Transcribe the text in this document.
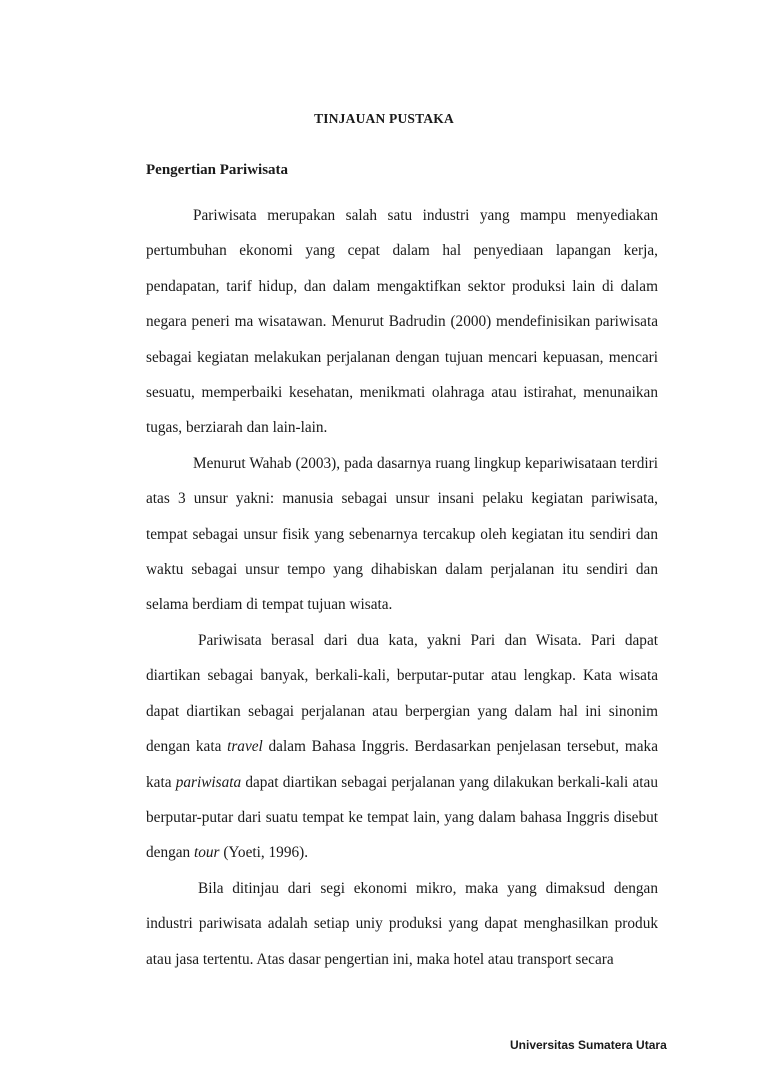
TINJAUAN PUSTAKA
Pengertian Pariwisata

Pariwisata merupakan salah satu industri yang mampu menyediakan pertumbuhan ekonomi yang cepat dalam hal penyediaan lapangan kerja, pendapatan, tarif hidup, dan dalam mengaktifkan sektor produksi lain di dalam negara peneri ma wisatawan. Menurut Badrudin (2000) mendefinisikan pariwisata sebagai kegiatan melakukan perjalanan dengan tujuan mencari kepuasan, mencari sesuatu, memperbaiki kesehatan, menikmati olahraga atau istirahat, menunaikan tugas, berziarah dan lain-lain.

Menurut Wahab (2003), pada dasarnya ruang lingkup kepariwisataan terdiri atas 3 unsur yakni: manusia sebagai unsur insani pelaku kegiatan pariwisata, tempat sebagai unsur fisik yang sebenarnya tercakup oleh kegiatan itu sendiri dan waktu sebagai unsur tempo yang dihabiskan dalam perjalanan itu sendiri dan selama berdiam di tempat tujuan wisata.

Pariwisata berasal dari dua kata, yakni Pari dan Wisata. Pari dapat diartikan sebagai banyak, berkali-kali, berputar-putar atau lengkap. Kata wisata dapat diartikan sebagai perjalanan atau berpergian yang dalam hal ini sinonim dengan kata travel dalam Bahasa Inggris. Berdasarkan penjelasan tersebut, maka kata pariwisata dapat diartikan sebagai perjalanan yang dilakukan berkali-kali atau berputar-putar dari suatu tempat ke tempat lain, yang dalam bahasa Inggris disebut dengan tour (Yoeti, 1996).

Bila ditinjau dari segi ekonomi mikro, maka yang dimaksud dengan industri pariwisata adalah setiap uniy produksi yang dapat menghasilkan produk atau jasa tertentu. Atas dasar pengertian ini, maka hotel atau transport secara

Universitas Sumatera Utara
